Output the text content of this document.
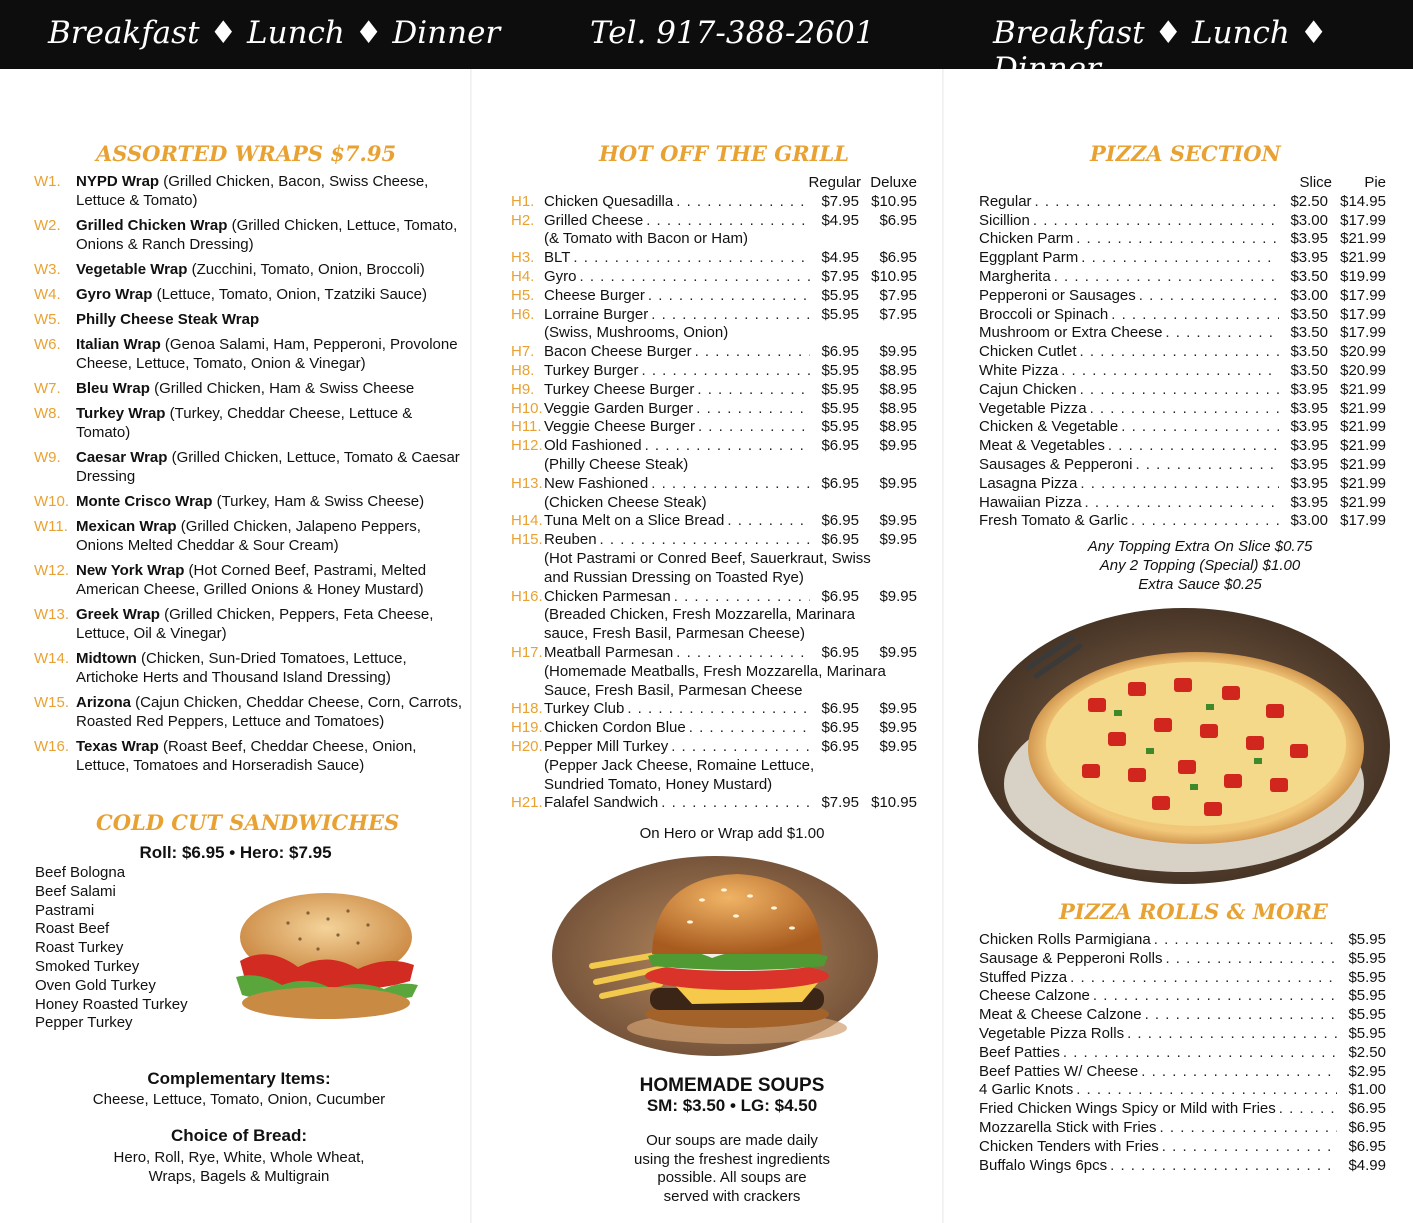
Breakfast ♦ Lunch ♦ Dinner	Tel. 917-388-2601	Breakfast ♦ Lunch ♦ Dinner
ASSORTED WRAPS $7.95
W1.	NYPD Wrap (Grilled Chicken, Bacon, Swiss Cheese, Lettuce & Tomato)
W2.	Grilled Chicken Wrap (Grilled Chicken, Lettuce, Tomato, Onions & Ranch Dressing)
W3.	Vegetable Wrap (Zucchini, Tomato, Onion, Broccoli)
W4.	Gyro Wrap (Lettuce, Tomato, Onion, Tzatziki Sauce)
W5.	Philly Cheese Steak Wrap
W6.	Italian Wrap (Genoa Salami, Ham, Pepperoni, Provolone Cheese, Lettuce, Tomato, Onion & Vinegar)
W7.	Bleu Wrap (Grilled Chicken, Ham & Swiss Cheese
W8.	Turkey Wrap (Turkey, Cheddar Cheese, Lettuce & Tomato)
W9.	Caesar Wrap (Grilled Chicken, Lettuce, Tomato & Caesar Dressing
W10. Monte Crisco Wrap (Turkey, Ham & Swiss Cheese)
W11. Mexican Wrap (Grilled Chicken, Jalapeno Peppers, Onions Melted Cheddar & Sour Cream)
W12. New York Wrap (Hot Corned Beef, Pastrami, Melted American Cheese, Grilled Onions & Honey Mustard)
W13. Greek Wrap (Grilled Chicken, Peppers, Feta Cheese, Lettuce, Oil & Vinegar)
W14. Midtown (Chicken, Sun-Dried Tomatoes, Lettuce, Artichoke Herts and Thousand Island Dressing)
W15. Arizona (Cajun Chicken, Cheddar Cheese, Corn, Carrots, Roasted Red Peppers, Lettuce and Tomatoes)
W16. Texas Wrap (Roast Beef, Cheddar Cheese, Onion, Lettuce, Tomatoes and Horseradish Sauce)
COLD CUT SANDWICHES
Roll: $6.95 • Hero: $7.95
Beef Bologna
Beef Salami
Pastrami
Roast Beef
Roast Turkey
Smoked Turkey
Oven Gold Turkey
Honey Roasted Turkey
Pepper Turkey
Complementary Items:
Cheese, Lettuce, Tomato, Onion, Cucumber
Choice of Bread:
Hero, Roll, Rye, White, Whole Wheat,
Wraps, Bagels & Multigrain
HOT OFF THE GRILL
Regular Deluxe
H1. Chicken Quesadilla . . .	$7.95 $10.95
H2. Grilled Cheese . . .	$4.95	$6.95
(& Tomato with Bacon or Ham)
H3. BLT . . .	$4.95	$6.95
H4. Gyro . . .	$7.95 $10.95
H5. Cheese Burger . . .	$5.95	$7.95
H6. Lorraine Burger . . .	$5.95	$7.95
(Swiss, Mushrooms, Onion)
H7. Bacon Cheese Burger . . .	$6.95	$9.95
H8. Turkey Burger . . .	$5.95	$8.95
H9. Turkey Cheese Burger . . .	$5.95	$8.95
H10. Veggie Garden Burger . . .	$5.95	$8.95
H11. Veggie Cheese Burger . . .	$5.95	$8.95
H12. Old Fashioned . . .	$6.95	$9.95
(Philly Cheese Steak)
H13. New Fashioned . . .	$6.95	$9.95
(Chicken Cheese Steak)
H14. Tuna Melt on a Slice Bread . . .	$6.95	$9.95
H15. Reuben . . .	$6.95	$9.95
(Hot Pastrami or Conred Beef, Sauerkraut, Swiss
and Russian Dressing on Toasted Rye)
H16. Chicken Parmesan . . .	$6.95	$9.95
(Breaded Chicken, Fresh Mozzarella, Marinara
sauce, Fresh Basil, Parmesan Cheese)
H17. Meatball Parmesan . . .	$6.95	$9.95
(Homemade Meatballs, Fresh Mozzarella, Marinara
Sauce, Fresh Basil, Parmesan Cheese
H18. Turkey Club . . .	$6.95	$9.95
H19. Chicken Cordon Blue . . .	$6.95	$9.95
H20. Pepper Mill Turkey . . .	$6.95	$9.95
(Pepper Jack Cheese, Romaine Lettuce,
Sundried Tomato, Honey Mustard)
H21. Falafel Sandwich . . .	$7.95 $10.95
On Hero or Wrap add $1.00
HOMEMADE SOUPS
SM: $3.50 • LG: $4.50
Our soups are made daily
using the freshest ingredients
possible. All soups are
served with crackers
PIZZA SECTION
Slice	Pie
Regular . . .	$2.50 $14.95
Sicillion . . .	$3.00 $17.99
Chicken Parm . . .	$3.95 $21.99
Eggplant Parm . . .	$3.95 $21.99
Margherita . . .	$3.50 $19.99
Pepperoni or Sausages . . .	$3.00 $17.99
Broccoli or Spinach . . .	$3.50 $17.99
Mushroom or Extra Cheese . . .	$3.50 $17.99
Chicken Cutlet . . .	$3.50 $20.99
White Pizza . . .	$3.50 $20.99
Cajun Chicken . . .	$3.95 $21.99
Vegetable Pizza . . .	$3.95 $21.99
Chicken & Vegetable . . .	$3.95 $21.99
Meat & Vegetables . . .	$3.95 $21.99
Sausages & Pepperoni . . .	$3.95 $21.99
Lasagna Pizza . . .	$3.95 $21.99
Hawaiian Pizza . . .	$3.95 $21.99
Fresh Tomato & Garlic . . .	$3.00 $17.99
Any Topping Extra On Slice $0.75
Any 2 Topping (Special) $1.00
Extra Sauce $0.25
PIZZA ROLLS & MORE
Chicken Rolls Parmigiana . . .	$5.95
Sausage & Pepperoni Rolls . . .	$5.95
Stuffed Pizza . . .	$5.95
Cheese Calzone . . .	$5.95
Meat & Cheese Calzone . . .	$5.95
Vegetable Pizza Rolls . . .	$5.95
Beef Patties . . .	$2.50
Beef Patties W/ Cheese . . .	$2.95
4 Garlic Knots . . .	$1.00
Fried Chicken Wings Spicy or Mild with Fries . . .	$6.95
Mozzarella Stick with Fries . . .	$6.95
Chicken Tenders with Fries . . .	$6.95
Buffalo Wings 6pcs . . .	$4.99
